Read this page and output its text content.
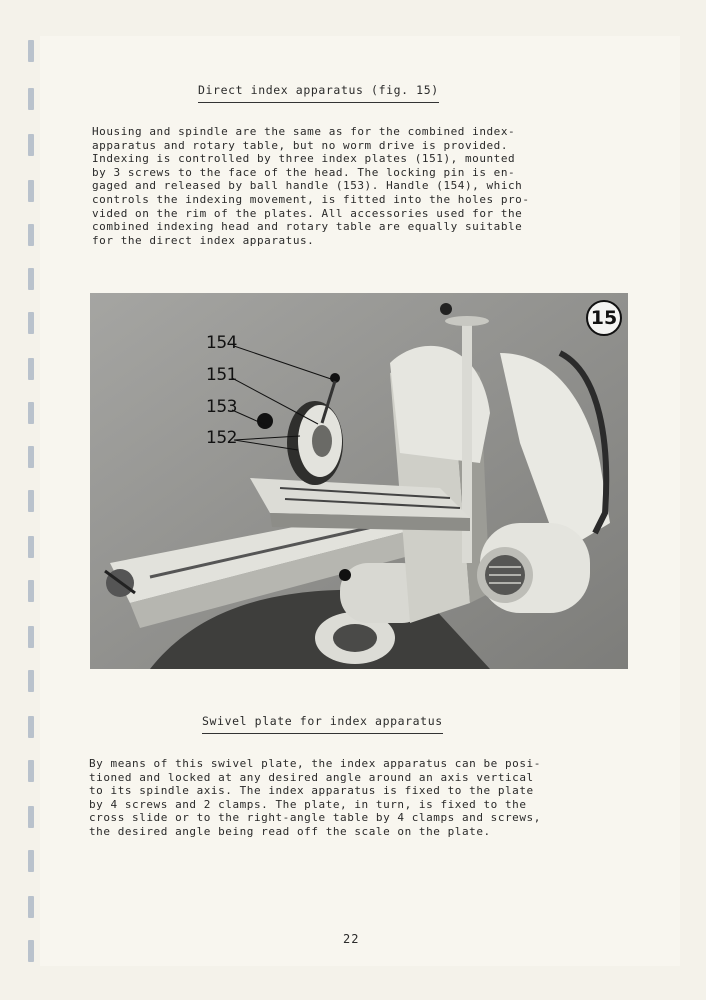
Direct index apparatus (fig. 15)
Housing and spindle are the same as for the combined index-
apparatus and rotary table, but no worm drive is provided.
Indexing is controlled by three index plates (151), mounted
by 3 screws to the face of the head. The locking pin is en-
gaged and released by ball handle (153). Handle (154), which
controls the indexing movement, is fitted into the holes pro-
vided on the rim of the plates. All accessories used for the
combined indexing head and rotary table are equally suitable
for the direct index apparatus.
154
151
153
152
15
Swivel plate for index apparatus
By means of this swivel plate, the index apparatus can be posi-
tioned and locked at any desired angle around an axis vertical
to its spindle axis. The index apparatus is fixed to the plate
by 4 screws and 2 clamps. The plate, in turn, is fixed to the
cross slide or to the right-angle table by 4 clamps and screws,
the desired angle being read off the scale on the plate.
22
